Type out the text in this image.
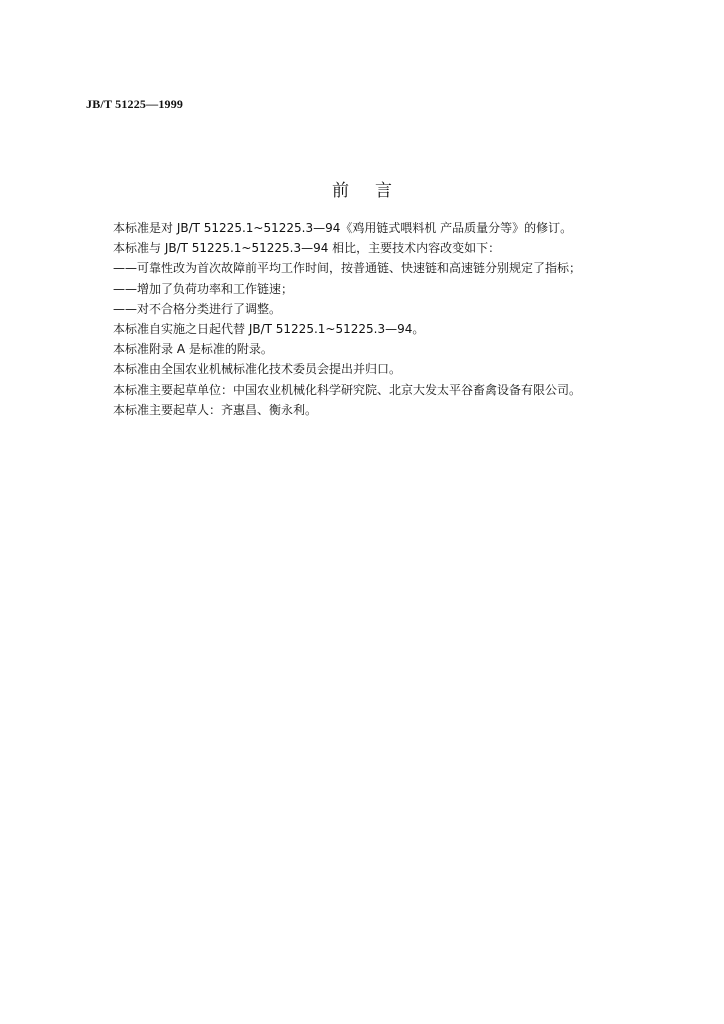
JB/T 51225—1999
前 言
本标准是对 JB/T 51225.1~51225.3—94《鸡用链式喂料机 产品质量分等》的修订。
本标准与 JB/T 51225.1~51225.3—94 相比，主要技术内容改变如下：
——可靠性改为首次故障前平均工作时间，按普通链、快速链和高速链分别规定了指标；
——增加了负荷功率和工作链速；
——对不合格分类进行了调整。
本标准自实施之日起代替 JB/T 51225.1~51225.3—94。
本标准附录 A 是标准的附录。
本标准由全国农业机械标准化技术委员会提出并归口。
本标准主要起草单位：中国农业机械化科学研究院、北京大发太平谷畜禽设备有限公司。
本标准主要起草人：齐惠昌、衡永利。
